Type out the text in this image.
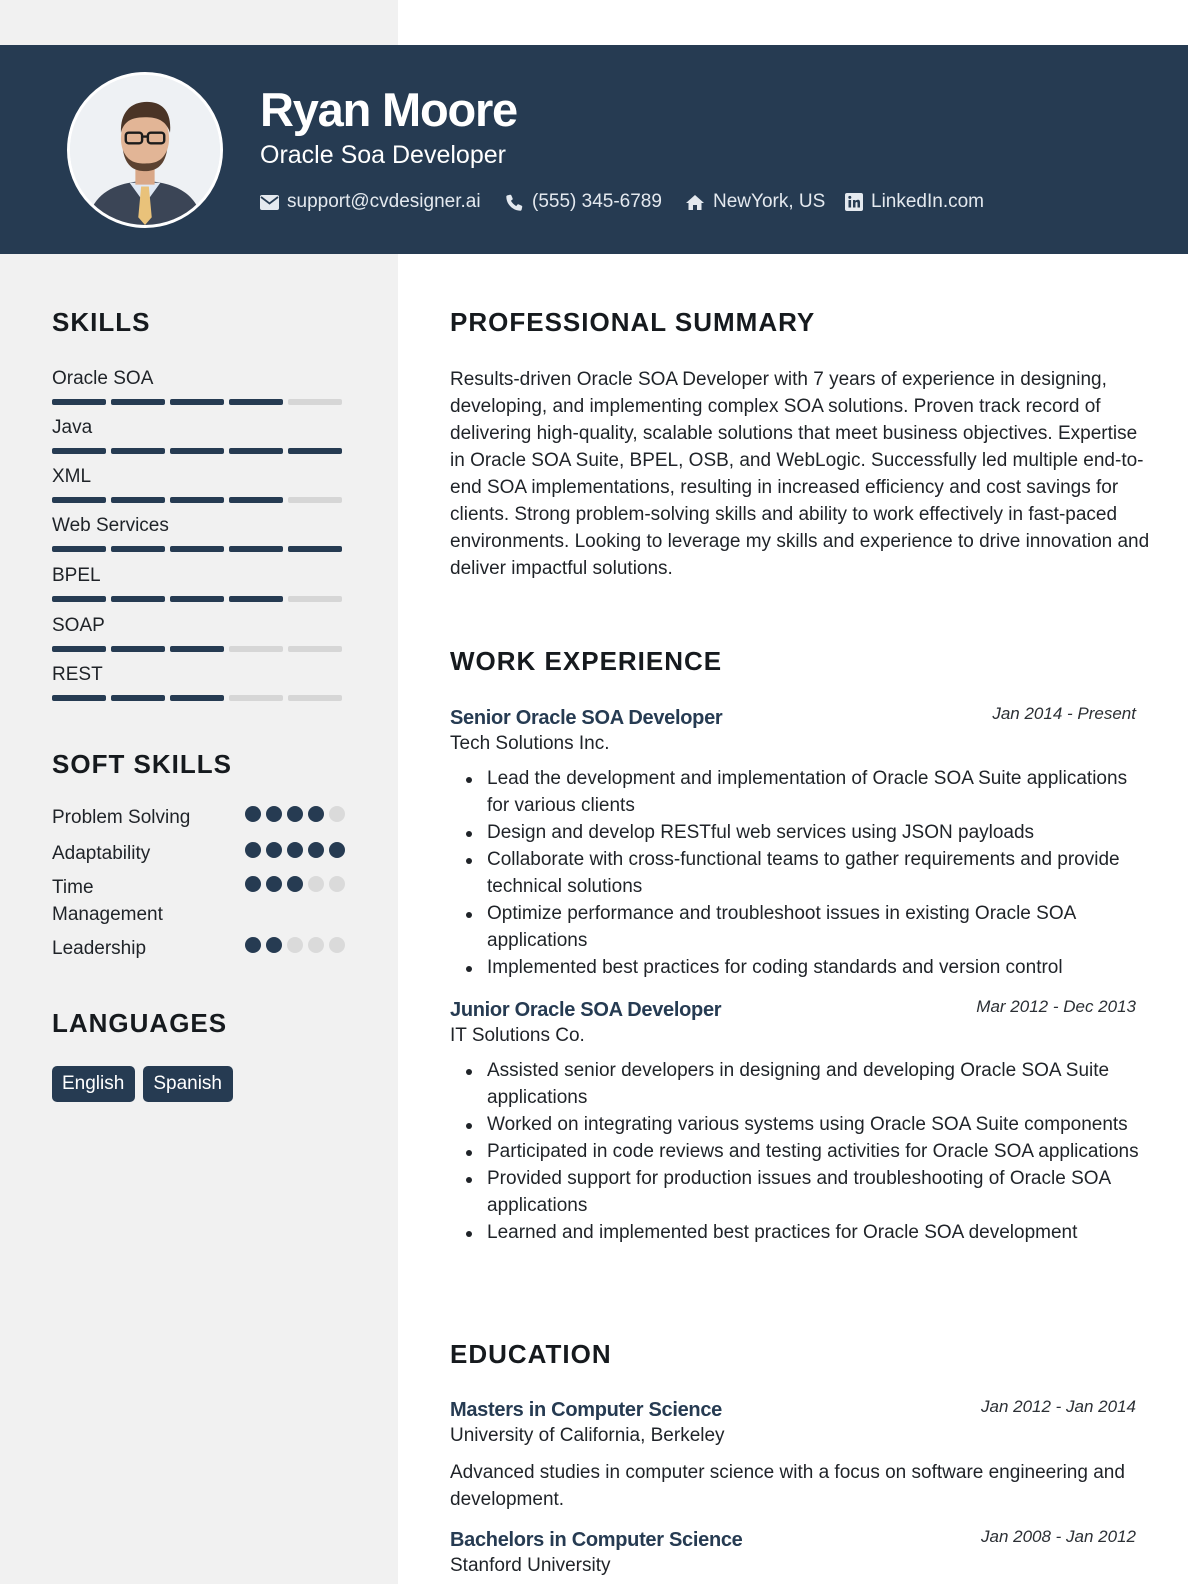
Ryan Moore
Oracle Soa Developer
support@cvdesigner.ai	(555) 345-6789	NewYork, US LinkedIn.com
SKILLS
Oracle SOA
Java
XML
Web Services
BPEL
SOAP
REST
SOFT SKILLS
Problem Solving
Adaptability
Time Management
Leadership
LANGUAGES
English	Spanish
PROFESSIONAL SUMMARY
Results-driven Oracle SOA Developer with 7 years of experience in designing, developing, and implementing complex SOA solutions. Proven track record of delivering high-quality, scalable solutions that meet business objectives. Expertise in Oracle SOA Suite, BPEL, OSB, and WebLogic. Successfully led multiple end-to-end SOA implementations, resulting in increased efficiency and cost savings for clients. Strong problem-solving skills and ability to work effectively in fast-paced environments. Looking to leverage my skills and experience to drive innovation and deliver impactful solutions.
WORK EXPERIENCE
Senior Oracle SOA Developer	Jan 2014 - Present
Tech Solutions Inc.
Lead the development and implementation of Oracle SOA Suite applications for various clients
Design and develop RESTful web services using JSON payloads
Collaborate with cross-functional teams to gather requirements and provide technical solutions
Optimize performance and troubleshoot issues in existing Oracle SOA applications
Implemented best practices for coding standards and version control
Junior Oracle SOA Developer	Mar 2012 - Dec 2013
IT Solutions Co.
Assisted senior developers in designing and developing Oracle SOA Suite applications
Worked on integrating various systems using Oracle SOA Suite components
Participated in code reviews and testing activities for Oracle SOA applications
Provided support for production issues and troubleshooting of Oracle SOA applications
Learned and implemented best practices for Oracle SOA development
EDUCATION
Masters in Computer Science	Jan 2012 - Jan 2014
University of California, Berkeley
Advanced studies in computer science with a focus on software engineering and development.
Bachelors in Computer Science	Jan 2008 - Jan 2012
Stanford University
